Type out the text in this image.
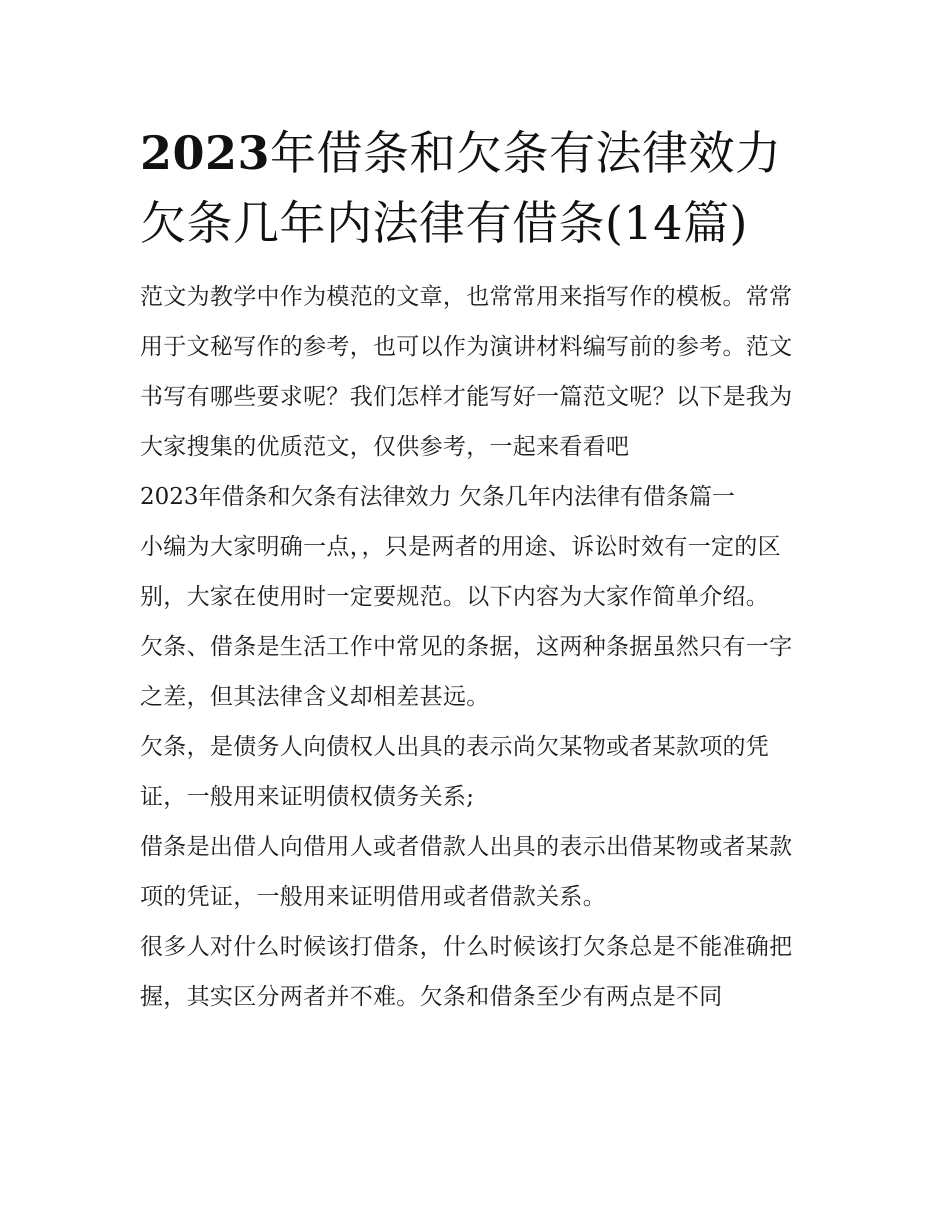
2023年借条和欠条有法律效力欠条几年内法律有借条(14篇)

范文为教学中作为模范的文章，也常常用来指写作的模板。常常用于文秘写作的参考，也可以作为演讲材料编写前的参考。范文书写有哪些要求呢？我们怎样才能写好一篇范文呢？以下是我为大家搜集的优质范文，仅供参考，一起来看看吧

2023年借条和欠条有法律效力 欠条几年内法律有借条篇一

小编为大家明确一点，，只是两者的用途、诉讼时效有一定的区别，大家在使用时一定要规范。以下内容为大家作简单介绍。

欠条、借条是生活工作中常见的条据，这两种条据虽然只有一字之差，但其法律含义却相差甚远。

欠条，是债务人向债权人出具的表示尚欠某物或者某款项的凭证，一般用来证明债权债务关系;

借条是出借人向借用人或者借款人出具的表示出借某物或者某款项的凭证，一般用来证明借用或者借款关系。

很多人对什么时候该打借条，什么时候该打欠条总是不能准确把握，其实区分两者并不难。欠条和借条至少有两点是不同
